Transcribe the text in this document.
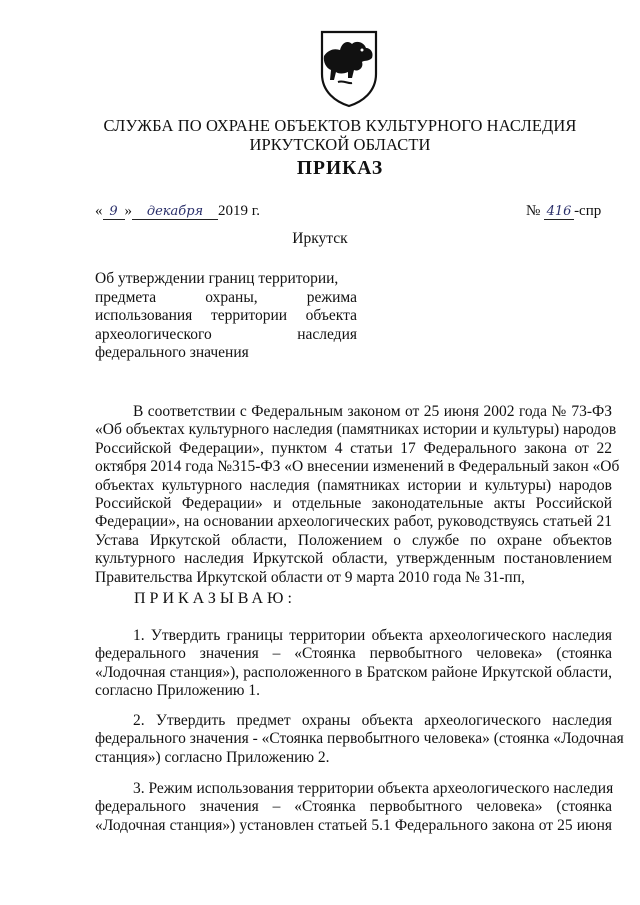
СЛУЖБА ПО ОХРАНЕ ОБЪЕКТОВ КУЛЬТУРНОГО НАСЛЕДИЯ
ИРКУТСКОЙ ОБЛАСТИ
ПРИКАЗ
« 9 » декабря 2019 г.	№ 416 -спр
Иркутск
Об утверждении границ территории,
предмета	охраны,	режима
использования территории объекта
археологического	наследия
федерального значения
В соответствии с Федеральным законом от 25 июня 2002 года № 73-ФЗ
«Об объектах культурного наследия (памятниках истории и культуры) народов
Российской Федерации», пунктом 4 статьи 17 Федерального закона от 22
октября 2014 года №315-ФЗ «О внесении изменений в Федеральный закон «Об
объектах культурного наследия (памятниках истории и культуры) народов
Российской Федерации» и отдельные законодательные акты Российской
Федерации», на основании археологических работ, руководствуясь статьей 21
Устава Иркутской области, Положением о службе по охране объектов
культурного наследия Иркутской области, утвержденным постановлением
Правительства Иркутской области от 9 марта 2010 года № 31-пп,
ПРИКАЗЫВАЮ:
1. Утвердить границы территории объекта археологического наследия
федерального значения – «Стоянка первобытного человека» (стоянка
«Лодочная станция»), расположенного в Братском районе Иркутской области,
согласно Приложению 1.
2. Утвердить предмет охраны объекта археологического наследия
федерального значения - «Стоянка первобытного человека» (стоянка «Лодочная
станция») согласно Приложению 2.
3. Режим использования территории объекта археологического наследия
федерального значения – «Стоянка первобытного человека» (стоянка
«Лодочная станция») установлен статьей 5.1 Федерального закона от 25 июня
